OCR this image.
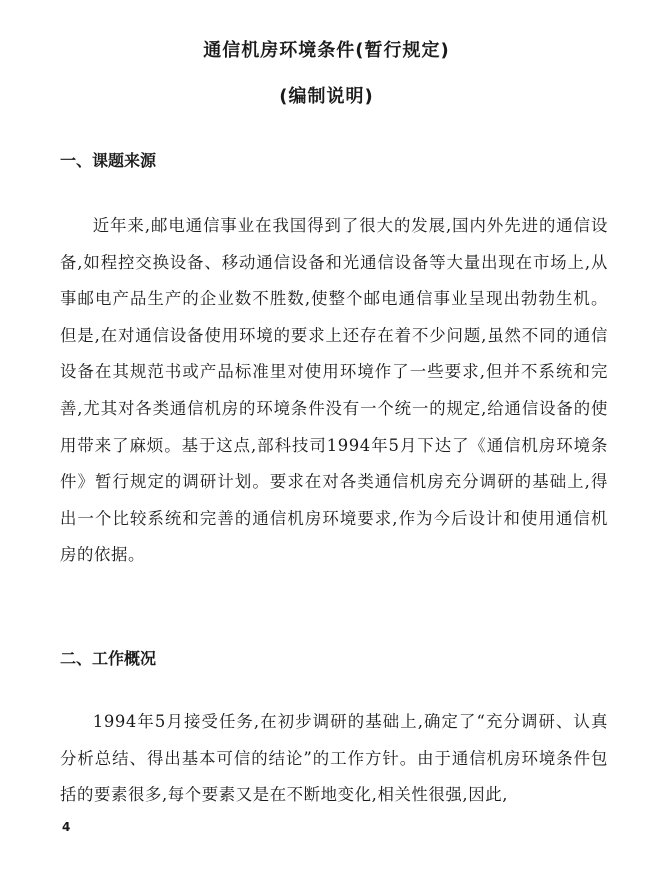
通信机房环境条件(暂行规定)
(编制说明)
一、课题来源

近年来,邮电通信事业在我国得到了很大的发展,国内外先进的通信设备,如程控交换设备、移动通信设备和光通信设备等大量出现在市场上,从事邮电产品生产的企业数不胜数,使整个邮电通信事业呈现出勃勃生机。但是,在对通信设备使用环境的要求上还存在着不少问题,虽然不同的通信设备在其规范书或产品标准里对使用环境作了一些要求,但并不系统和完善,尤其对各类通信机房的环境条件没有一个统一的规定,给通信设备的使用带来了麻烦。基于这点,部科技司1994年5月下达了《通信机房环境条件》暂行规定的调研计划。要求在对各类通信机房充分调研的基础上,得出一个比较系统和完善的通信机房环境要求,作为今后设计和使用通信机房的依据。

二、工作概况

1994年5月接受任务,在初步调研的基础上,确定了“充分调研、认真分析总结、得出基本可信的结论”的工作方针。由于通信机房环境条件包括的要素很多,每个要素又是在不断地变化,相关性很强,因此,

4
